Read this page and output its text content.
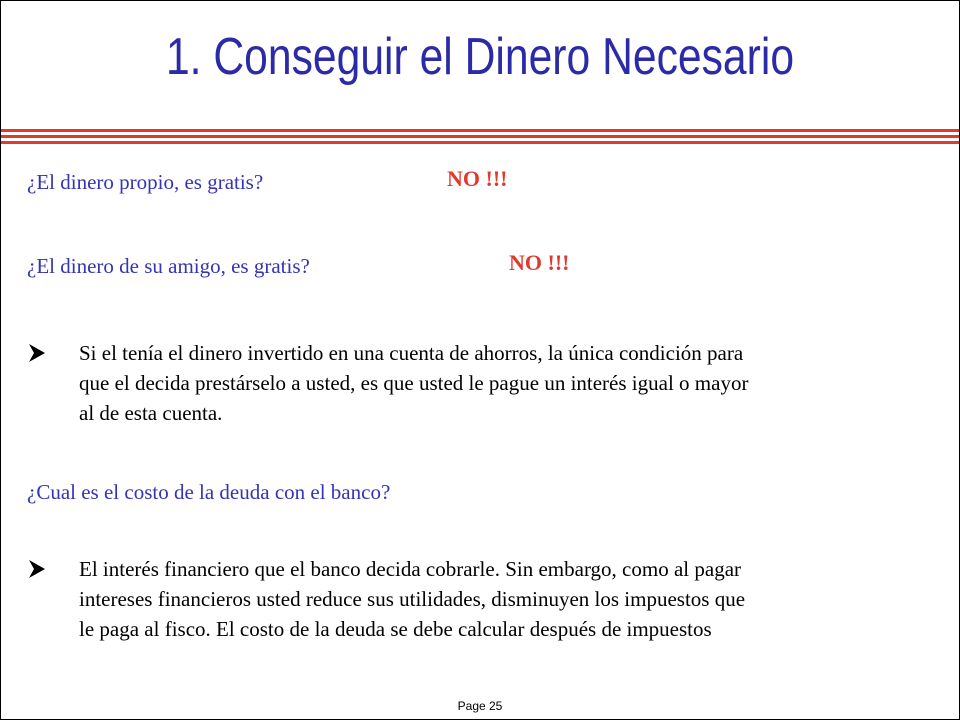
1. Conseguir el Dinero Necesario
¿El dinero propio, es gratis?	NO !!!
¿El dinero de su amigo, es gratis?	NO !!!
Si el tenía el dinero invertido en una cuenta de ahorros, la única condición para
que el decida prestárselo a usted, es que usted le pague un interés igual o mayor
al de esta cuenta.
¿Cual es el costo de la deuda con el banco?
El interés financiero que el banco decida cobrarle. Sin embargo, como al pagar
intereses financieros usted reduce sus utilidades, disminuyen los impuestos que
le paga al fisco. El costo de la deuda se debe calcular después de impuestos
Page 25
